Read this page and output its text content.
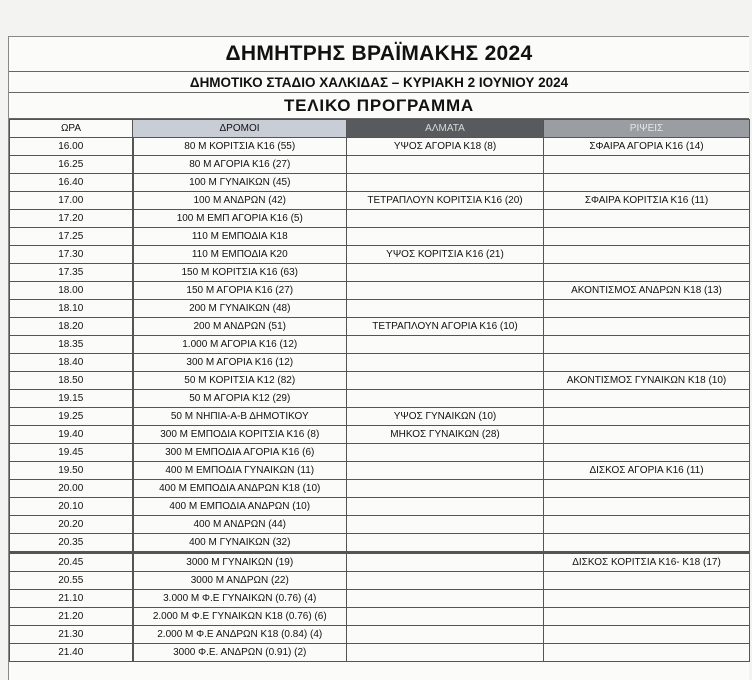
ΔΗΜΗΤΡΗΣ ΒΡΑΪΜΑΚΗΣ 2024
ΔΗΜΟΤΙΚΟ ΣΤΑΔΙΟ ΧΑΛΚΙΔΑΣ – ΚΥΡΙΑΚΗ 2 ΙΟΥΝΙΟΥ 2024
ΤΕΛΙΚΟ ΠΡΟΓΡΑΜΜΑ
ΩΡΑ	ΔΡΟΜΟΙ	ΑΛΜΑΤΑ	ΡΙΨΕΙΣ
16.00	80 Μ ΚΟΡΙΤΣΙΑ Κ16 (55)	ΥΨΟΣ ΑΓΟΡΙΑ Κ18 (8)	ΣΦΑΙΡΑ ΑΓΟΡΙΑ Κ16 (14)
16.25	80 Μ ΑΓΟΡΙΑ Κ16 (27)		
16.40	100 Μ ΓΥΝΑΙΚΩΝ (45)		
17.00	100 Μ ΑΝΔΡΩΝ (42)	ΤΕΤΡΑΠΛΟΥΝ ΚΟΡΙΤΣΙΑ Κ16 (20)	ΣΦΑΙΡΑ ΚΟΡΙΤΣΙΑ Κ16 (11)
17.20	100 Μ ΕΜΠ ΑΓΟΡΙΑ Κ16 (5)		
17.25	110 Μ ΕΜΠΟΔΙΑ Κ18		
17.30	110 Μ ΕΜΠΟΔΙΑ Κ20	ΥΨΟΣ ΚΟΡΙΤΣΙΑ Κ16 (21)	
17.35	150 Μ ΚΟΡΙΤΣΙΑ Κ16 (63)		
18.00	150 Μ ΑΓΟΡΙΑ Κ16 (27)		ΑΚΟΝΤΙΣΜΟΣ ΑΝΔΡΩΝ Κ18 (13)
18.10	200 Μ ΓΥΝΑΙΚΩΝ (48)		
18.20	200 Μ ΑΝΔΡΩΝ (51)	ΤΕΤΡΑΠΛΟΥΝ ΑΓΟΡΙΑ Κ16 (10)	
18.35	1.000 Μ ΑΓΟΡΙΑ Κ16 (12)		
18.40	300 Μ ΑΓΟΡΙΑ Κ16 (12)		
18.50	50 Μ ΚΟΡΙΤΣΙΑ Κ12 (82)		ΑΚΟΝΤΙΣΜΟΣ ΓΥΝΑΙΚΩΝ Κ18 (10)
19.15	50 Μ ΑΓΟΡΙΑ Κ12 (29)		
19.25	50 Μ ΝΗΠΙΑ-Α-Β ΔΗΜΟΤΙΚΟΥ	ΥΨΟΣ ΓΥΝΑΙΚΩΝ (10)	
19.40	300 Μ ΕΜΠΟΔΙΑ ΚΟΡΙΤΣΙΑ Κ16 (8)	ΜΗΚΟΣ ΓΥΝΑΙΚΩΝ (28)	
19.45	300 Μ ΕΜΠΟΔΙΑ ΑΓΟΡΙΑ Κ16 (6)		
19.50	400 Μ ΕΜΠΟΔΙΑ ΓΥΝΑΙΚΩΝ (11)		ΔΙΣΚΟΣ ΑΓΟΡΙΑ Κ16 (11)
20.00	400 Μ ΕΜΠΟΔΙΑ ΑΝΔΡΩΝ Κ18 (10)		
20.10	400 Μ ΕΜΠΟΔΙΑ ΑΝΔΡΩΝ (10)		
20.20	400 Μ ΑΝΔΡΩΝ (44)		
20.35	400 Μ ΓΥΝΑΙΚΩΝ (32)		
20.45	3000 Μ ΓΥΝΑΙΚΩΝ (19)		ΔΙΣΚΟΣ ΚΟΡΙΤΣΙΑ Κ16- Κ18 (17)
20.55	3000 Μ ΑΝΔΡΩΝ (22)		
21.10	3.000 Μ Φ.Ε ΓΥΝΑΙΚΩΝ (0.76) (4)		
21.20	2.000 Μ Φ.Ε ΓΥΝΑΙΚΩΝ Κ18 (0.76) (6)		
21.30	2.000 Μ Φ.Ε ΑΝΔΡΩΝ Κ18 (0.84) (4)		
21.40	3000 Φ.Ε. ΑΝΔΡΩΝ (0.91) (2)		
